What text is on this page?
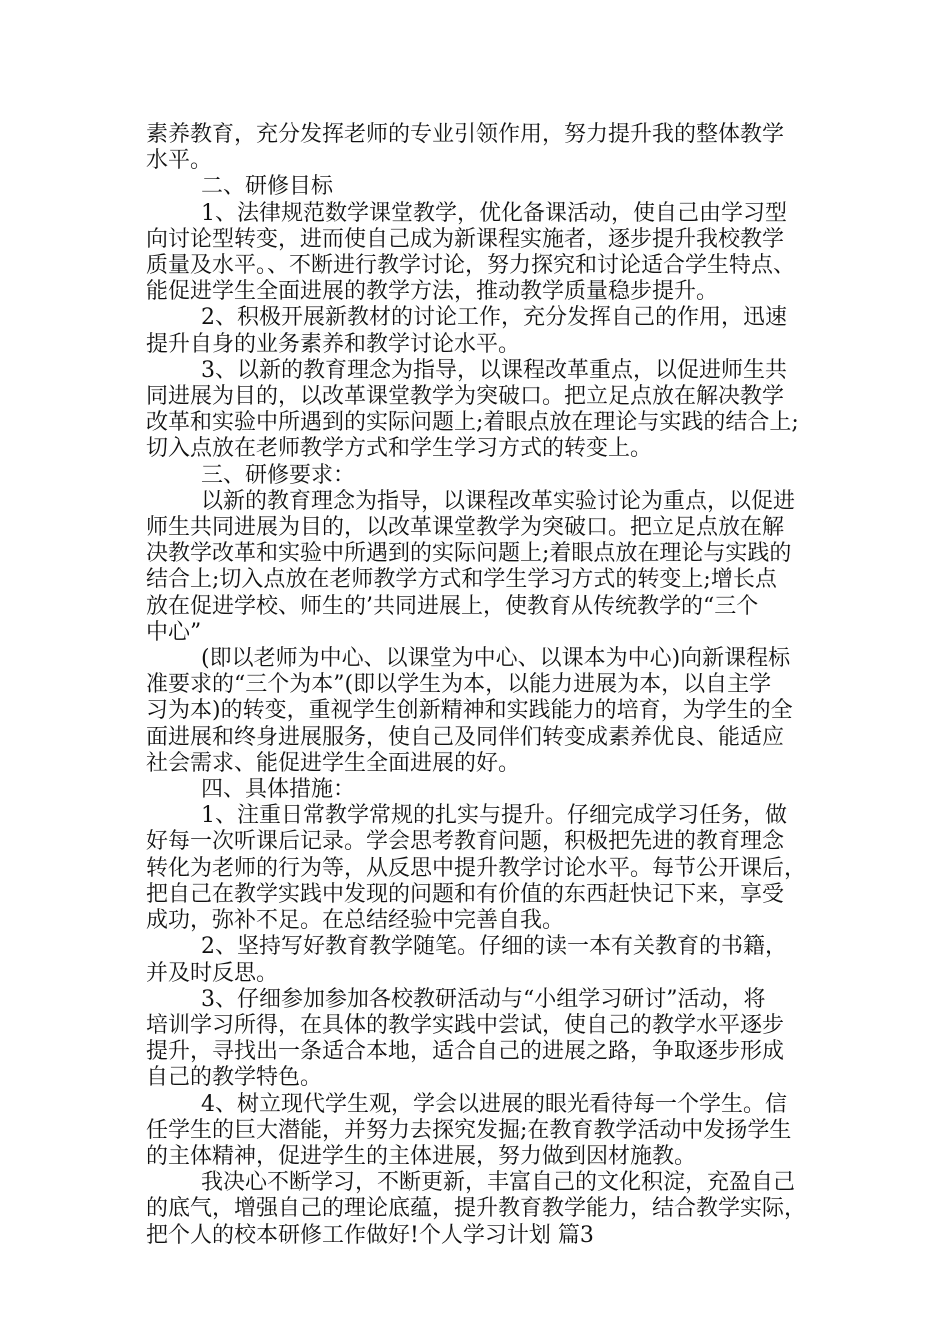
素养教育，充分发挥老师的专业引领作用，努力提升我的整体教学
水平。

二、研修目标

1、法律规范数学课堂教学，优化备课活动，使自己由学习型
向讨论型转变，进而使自己成为新课程实施者，逐步提升我校教学
质量及水平。、不断进行教学讨论，努力探究和讨论适合学生特点、
能促进学生全面进展的教学方法，推动教学质量稳步提升。

2、积极开展新教材的讨论工作，充分发挥自己的作用，迅速
提升自身的业务素养和教学讨论水平。

3、以新的教育理念为指导，以课程改革重点，以促进师生共
同进展为目的，以改革课堂教学为突破口。把立足点放在解决教学
改革和实验中所遇到的实际问题上;着眼点放在理论与实践的结合上;
切入点放在老师教学方式和学生学习方式的转变上。

三、研修要求：

以新的教育理念为指导，以课程改革实验讨论为重点，以促进
师生共同进展为目的，以改革课堂教学为突破口。把立足点放在解
决教学改革和实验中所遇到的实际问题上;着眼点放在理论与实践的
结合上;切入点放在老师教学方式和学生学习方式的转变上;增长点
放在促进学校、师生的’共同进展上，使教育从传统教学的“三个
中心”

(即以老师为中心、以课堂为中心、以课本为中心)向新课程标
准要求的“三个为本”(即以学生为本，以能力进展为本，以自主学
习为本)的转变，重视学生创新精神和实践能力的培育，为学生的全
面进展和终身进展服务，使自己及同伴们转变成素养优良、能适应
社会需求、能促进学生全面进展的好。

四、具体措施：

1、注重日常教学常规的扎实与提升。仔细完成学习任务，做
好每一次听课后记录。学会思考教育问题，积极把先进的教育理念
转化为老师的行为等，从反思中提升教学讨论水平。每节公开课后，
把自己在教学实践中发现的问题和有价值的东西赶快记下来，享受
成功，弥补不足。在总结经验中完善自我。

2、坚持写好教育教学随笔。仔细的读一本有关教育的书籍，
并及时反思。

3、仔细参加参加各校教研活动与“小组学习研讨”活动，将
培训学习所得，在具体的教学实践中尝试，使自己的教学水平逐步
提升，寻找出一条适合本地，适合自己的进展之路，争取逐步形成
自己的教学特色。

4、树立现代学生观，学会以进展的眼光看待每一个学生。信
任学生的巨大潜能，并努力去探究发掘;在教育教学活动中发扬学生
的主体精神，促进学生的主体进展，努力做到因材施教。

我决心不断学习，不断更新，丰富自己的文化积淀，充盈自己
的底气，增强自己的理论底蕴，提升教育教学能力，结合教学实际，
把个人的校本研修工作做好!个人学习计划 篇3
